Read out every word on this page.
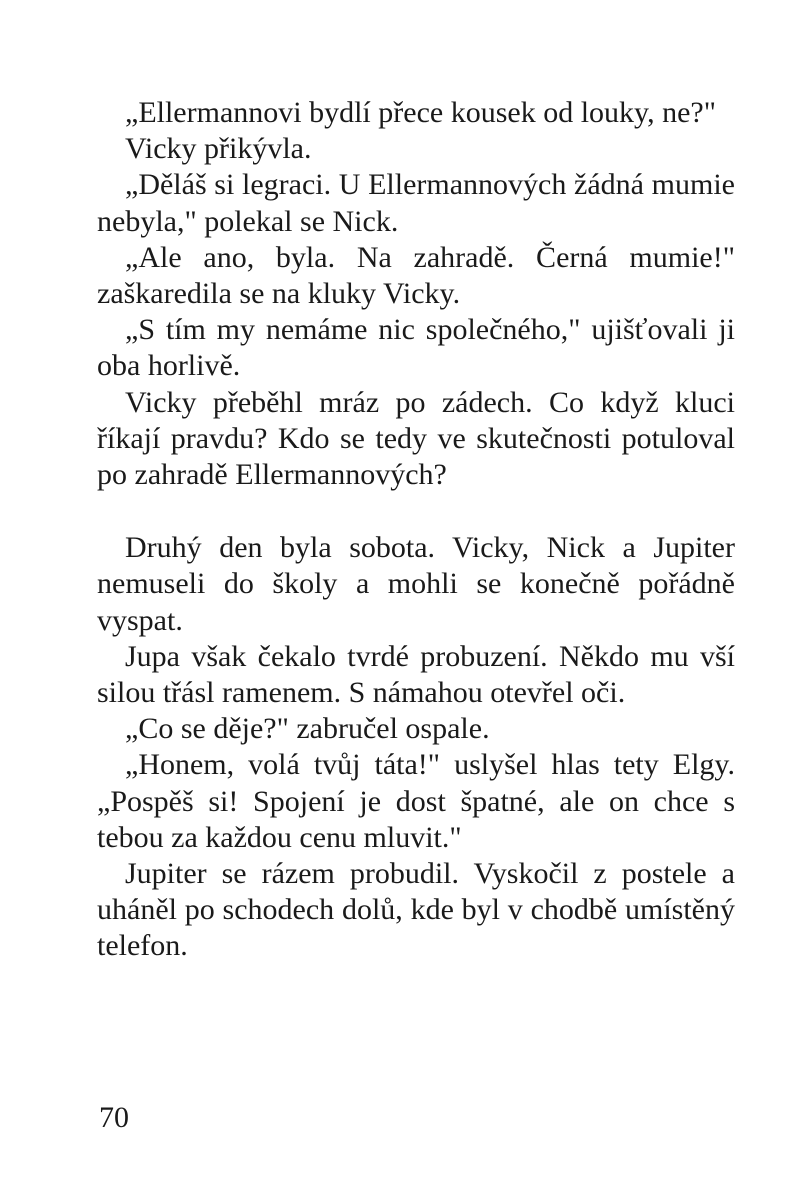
„Ellermannovi bydlí přece kousek od louky, ne?"

Vicky přikývla.

„Děláš si legraci. U Ellermannových žádná mumie nebyla," polekal se Nick.

„Ale ano, byla. Na zahradě. Černá mumie!" zaškaredila se na kluky Vicky.

„S tím my nemáme nic společného," ujišťovali ji oba horlivě.

Vicky přeběhl mráz po zádech. Co když kluci říkají pravdu? Kdo se tedy ve skutečnosti potuloval po zahradě Ellermannových?

Druhý den byla sobota. Vicky, Nick a Jupiter nemuseli do školy a mohli se konečně pořádně vyspat.

Jupa však čekalo tvrdé probuzení. Někdo mu vší silou třásl ramenem. S námahou otevřel oči.

„Co se děje?" zabručel ospale.

„Honem, volá tvůj táta!" uslyšel hlas tety Elgy. „Pospěš si! Spojení je dost špatné, ale on chce s tebou za každou cenu mluvit."

Jupiter se rázem probudil. Vyskočil z postele a uháněl po schodech dolů, kde byl v chodbě umístěný telefon.

70
